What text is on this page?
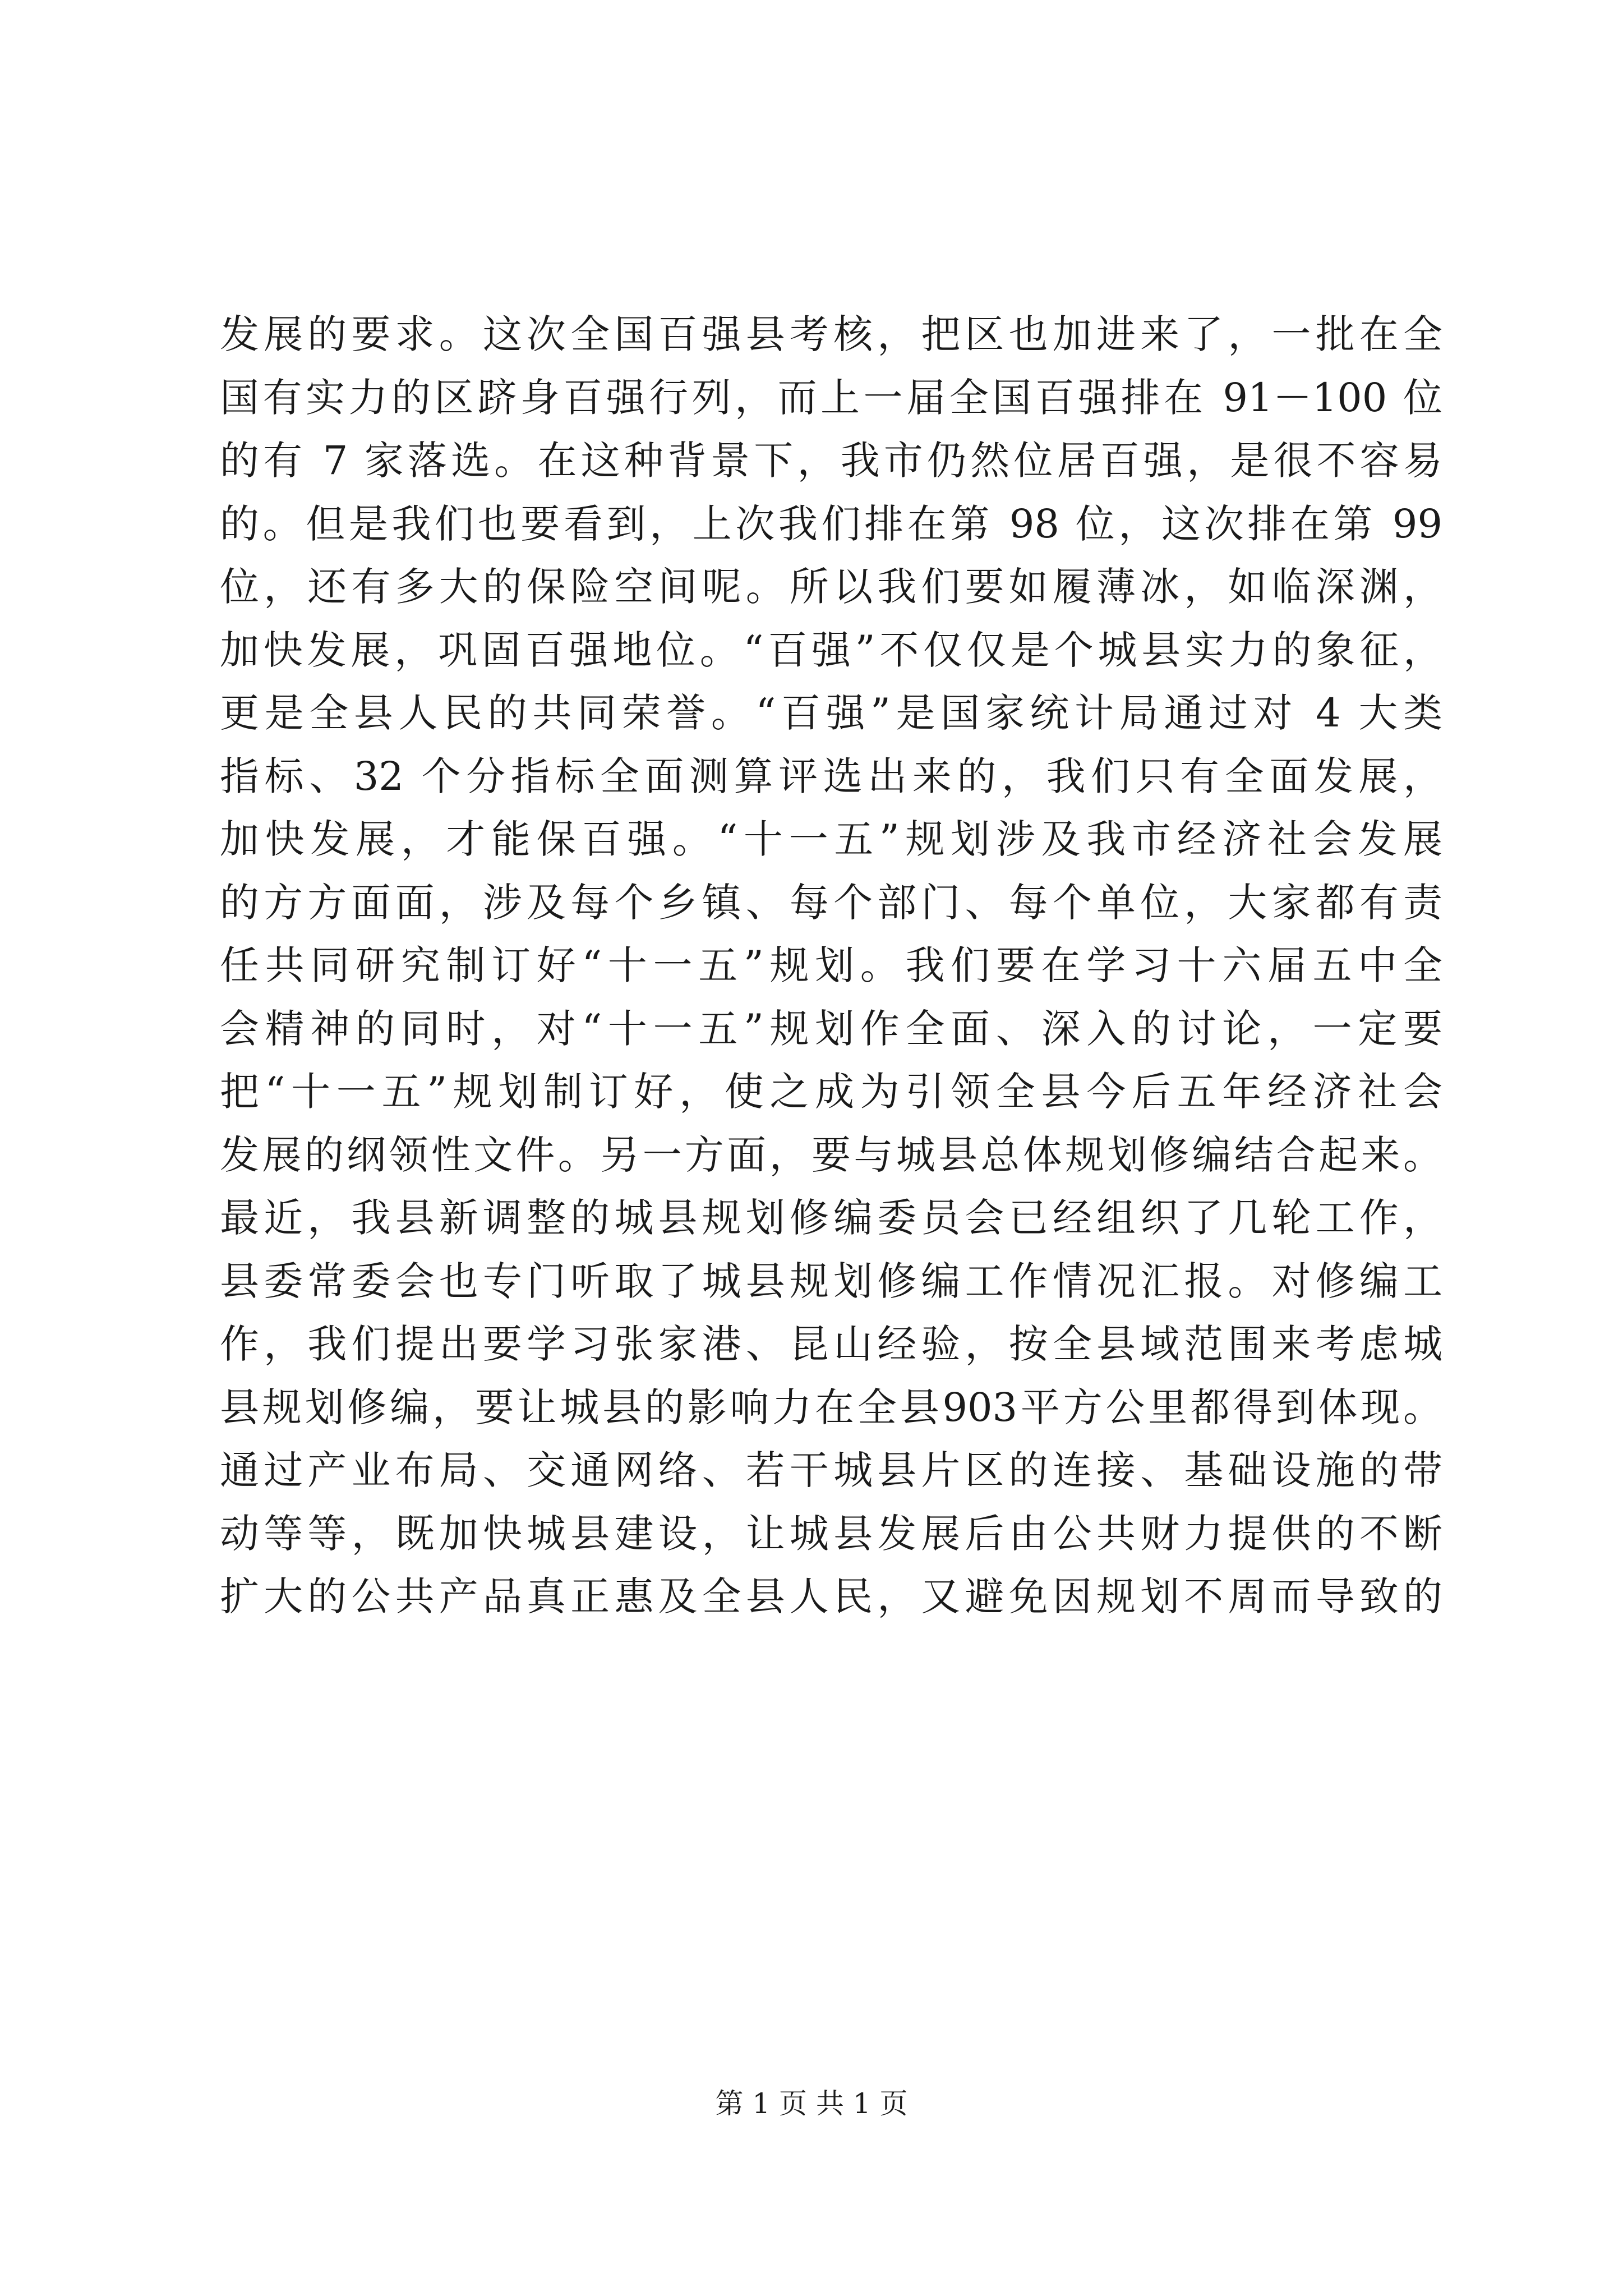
发展的要求。这次全国百强县考核，把区也加进来了，一批在全
国有实力的区跻身百强行列，而上一届全国百强排在 91－100 位
的有 7 家落选。在这种背景下，我市仍然位居百强，是很不容易
的。但是我们也要看到，上次我们排在第 98 位，这次排在第 99
位，还有多大的保险空间呢。所以我们要如履薄冰，如临深渊，
加快发展，巩固百强地位。“百强”不仅仅是个城县实力的象征，
更是全县人民的共同荣誉。“百强”是国家统计局通过对 4 大类
指标、32 个分指标全面测算评选出来的，我们只有全面发展，
加快发展，才能保百强。“十一五”规划涉及我市经济社会发展
的方方面面，涉及每个乡镇、每个部门、每个单位，大家都有责
任共同研究制订好“十一五”规划。我们要在学习十六届五中全
会精神的同时，对“十一五”规划作全面、深入的讨论，一定要
把“十一五”规划制订好，使之成为引领全县今后五年经济社会
发展的纲领性文件。另一方面，要与城县总体规划修编结合起来。
最近，我县新调整的城县规划修编委员会已经组织了几轮工作，
县委常委会也专门听取了城县规划修编工作情况汇报。对修编工
作，我们提出要学习张家港、昆山经验，按全县域范围来考虑城
县规划修编，要让城县的影响力在全县903平方公里都得到体现。
通过产业布局、交通网络、若干城县片区的连接、基础设施的带
动等等，既加快城县建设，让城县发展后由公共财力提供的不断
扩大的公共产品真正惠及全县人民，又避免因规划不周而导致的
第 1 页 共 1 页
